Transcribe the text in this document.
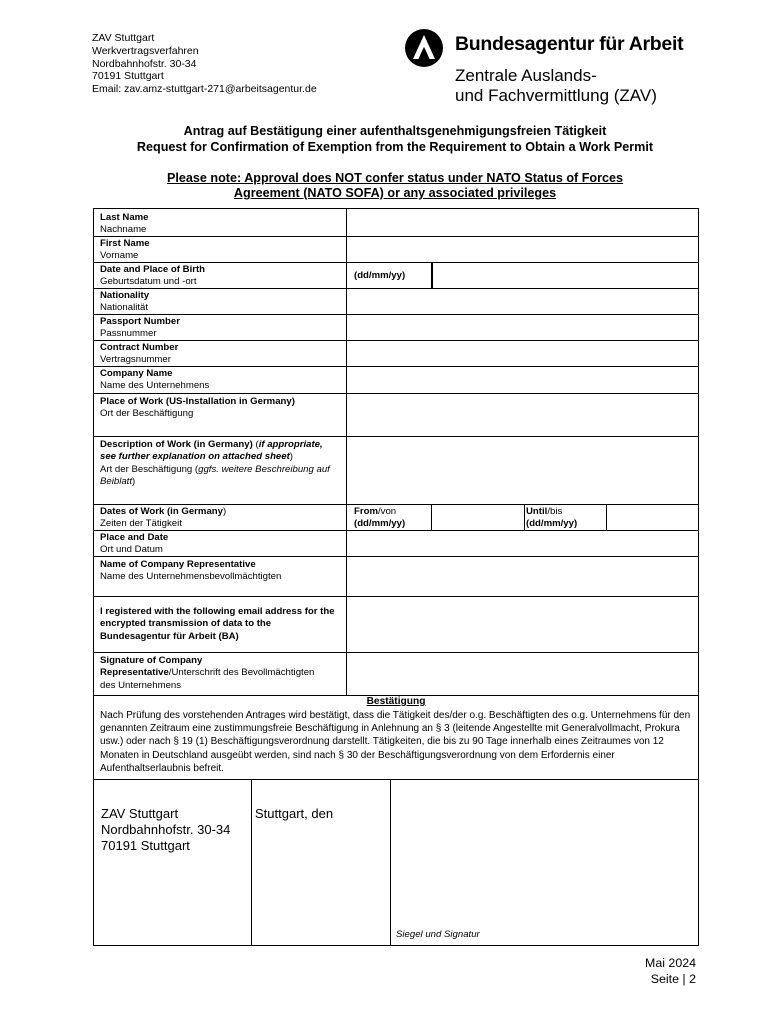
ZAV Stuttgart
Werkvertragsverfahren
Nordbahnhofstr. 30-34
70191 Stuttgart
Email: zav.amz-stuttgart-271@arbeitsagentur.de
Bundesagentur für Arbeit
Zentrale Auslands-
und Fachvermittlung (ZAV)
Antrag auf Bestätigung einer aufenthaltsgenehmigungsfreien Tätigkeit
Request for Confirmation of Exemption from the Requirement to Obtain a Work Permit
Please note: Approval does NOT confer status under NATO Status of Forces
Agreement (NATO SOFA) or any associated privileges
Last Name
Nachname
First Name
Vorname
Date and Place of Birth
Geburtsdatum und -ort
(dd/mm/yy)
Nationality
Nationalität
Passport Number
Passnummer
Contract Number
Vertragsnummer
Company Name
Name des Unternehmens
Place of Work (US-Installation in Germany)
Ort der Beschäftigung
Description of Work (in Germany) (if appropriate, see further explanation on attached sheet)
Art der Beschäftigung (ggfs. weitere Beschreibung auf Beiblatt)
Dates of Work (in Germany)
Zeiten der Tätigkeit
From/von
(dd/mm/yy)
Until/bis
(dd/mm/yy)
Place and Date
Ort und Datum
Name of Company Representative
Name des Unternehmensbevollmächtigten
I registered with the following email address for the encrypted transmission of data to the Bundesagentur für Arbeit (BA)
Signature of Company Representative/Unterschrift des Bevollmächtigten des Unternehmens
Bestätigung
Nach Prüfung des vorstehenden Antrages wird bestätigt, dass die Tätigkeit des/der o.g. Beschäftigten des o.g. Unternehmens für den genannten Zeitraum eine zustimmungsfreie Beschäftigung in Anlehnung an § 3 (leitende Angestellte mit Generalvollmacht, Prokura usw.) oder nach § 19 (1) Beschäftigungsverordnung darstellt. Tätigkeiten, die bis zu 90 Tage innerhalb eines Zeitraumes von 12 Monaten in Deutschland ausgeübt werden, sind nach § 30 der Beschäftigungsverordnung von dem Erfordernis einer Aufenthaltserlaubnis befreit.
ZAV Stuttgart
Nordbahnhofstr. 30-34
70191 Stuttgart
Stuttgart, den
Siegel und Signatur
Mai 2024
Seite | 2
